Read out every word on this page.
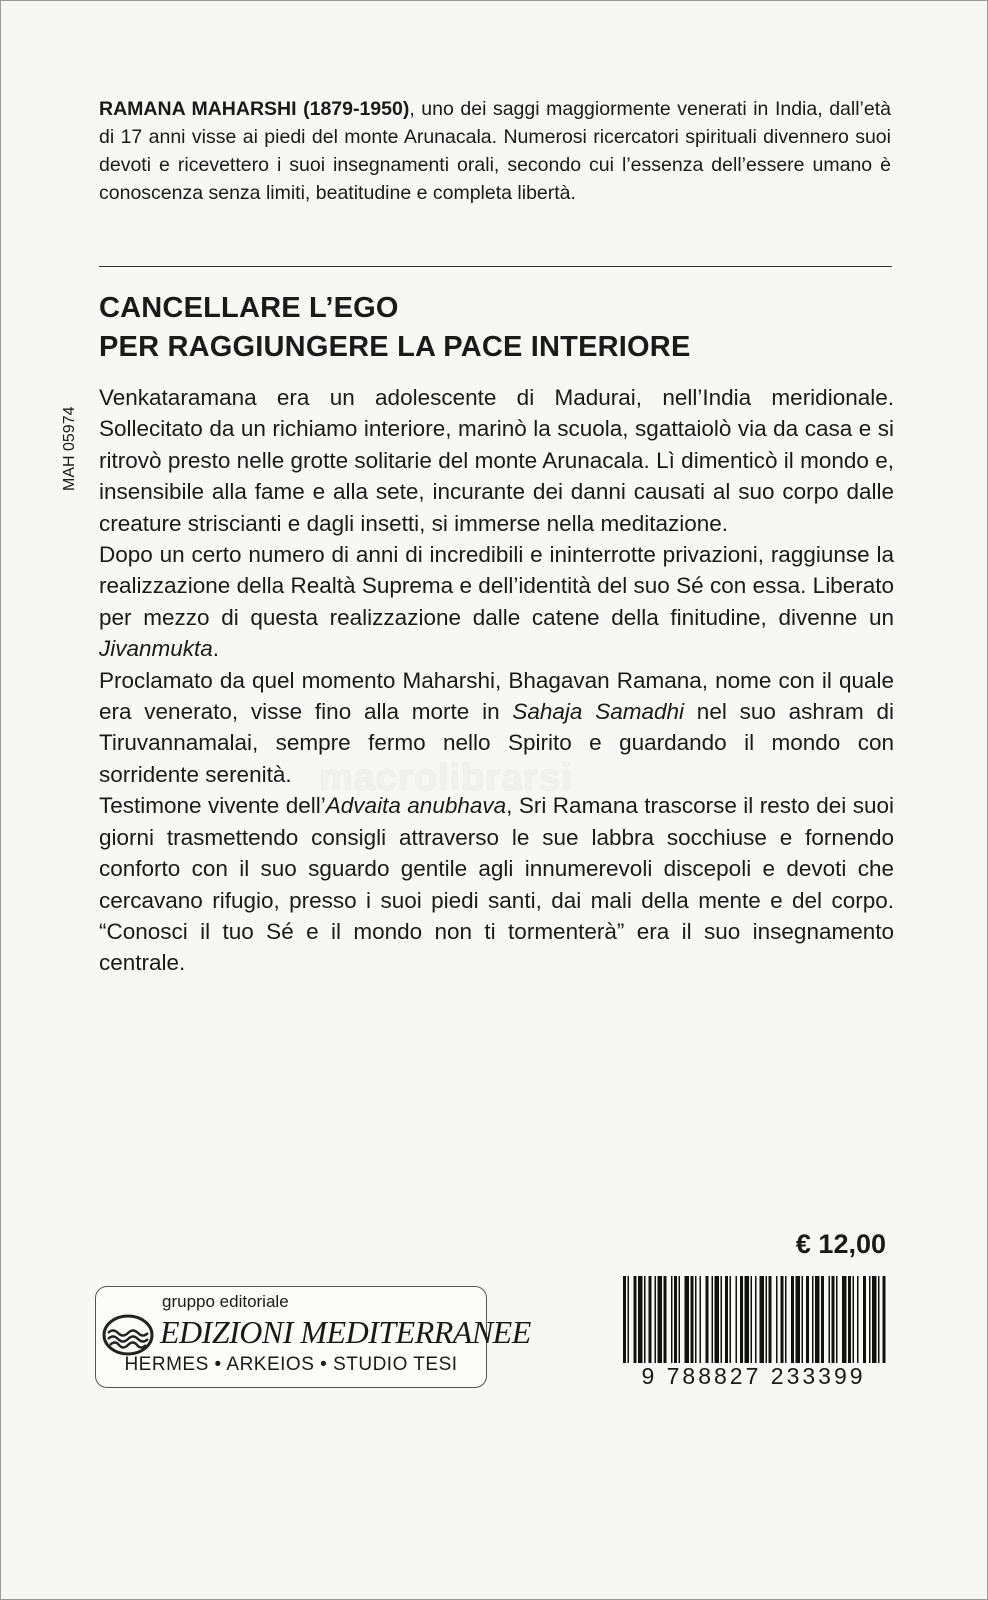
RAMANA MAHARSHI (1879-1950), uno dei saggi maggiormente venerati in India, dall’età di 17 anni visse ai piedi del monte Arunacala. Numerosi ricercatori spirituali divennero suoi devoti e ricevettero i suoi insegnamenti orali, secondo cui l’essenza dell’essere umano è conoscenza senza limiti, beatitudine e completa libertà.
CANCELLARE L’EGO
PER RAGGIUNGERE LA PACE INTERIORE
MAH 05974

Venkataramana era un adolescente di Madurai, nell’India meridionale. Sollecitato da un richiamo interiore, marinò la scuola, sgattaiolò via da casa e si ritrovò presto nelle grotte solitarie del monte Arunacala. Lì dimenticò il mondo e, insensibile alla fame e alla sete, incurante dei danni causati al suo corpo dalle creature striscianti e dagli insetti, si immerse nella meditazione.

Dopo un certo numero di anni di incredibili e ininterrotte privazioni, raggiunse la realizzazione della Realtà Suprema e dell’identità del suo Sé con essa. Liberato per mezzo di questa realizzazione dalle catene della finitudine, divenne un Jivanmukta.

Proclamato da quel momento Maharshi, Bhagavan Ramana, nome con il quale era venerato, visse fino alla morte in Sahaja Samadhi nel suo ashram di Tiruvannamalai, sempre fermo nello Spirito e guardando il mondo con sorridente serenità.

Testimone vivente dell’Advaita anubhava, Sri Ramana trascorse il resto dei suoi giorni trasmettendo consigli attraverso le sue labbra socchiuse e fornendo conforto con il suo sguardo gentile agli innumerevoli discepoli e devoti che cercavano rifugio, presso i suoi piedi santi, dai mali della mente e del corpo. “Conosci il tuo Sé e il mondo non ti tormenterà” era il suo insegnamento centrale.

macrolibrarsi
€ 12,00
9 788827 233399
gruppo editoriale
EDIZIONI MEDITERRANEE
HERMES • ARKEIOS • STUDIO TESI
